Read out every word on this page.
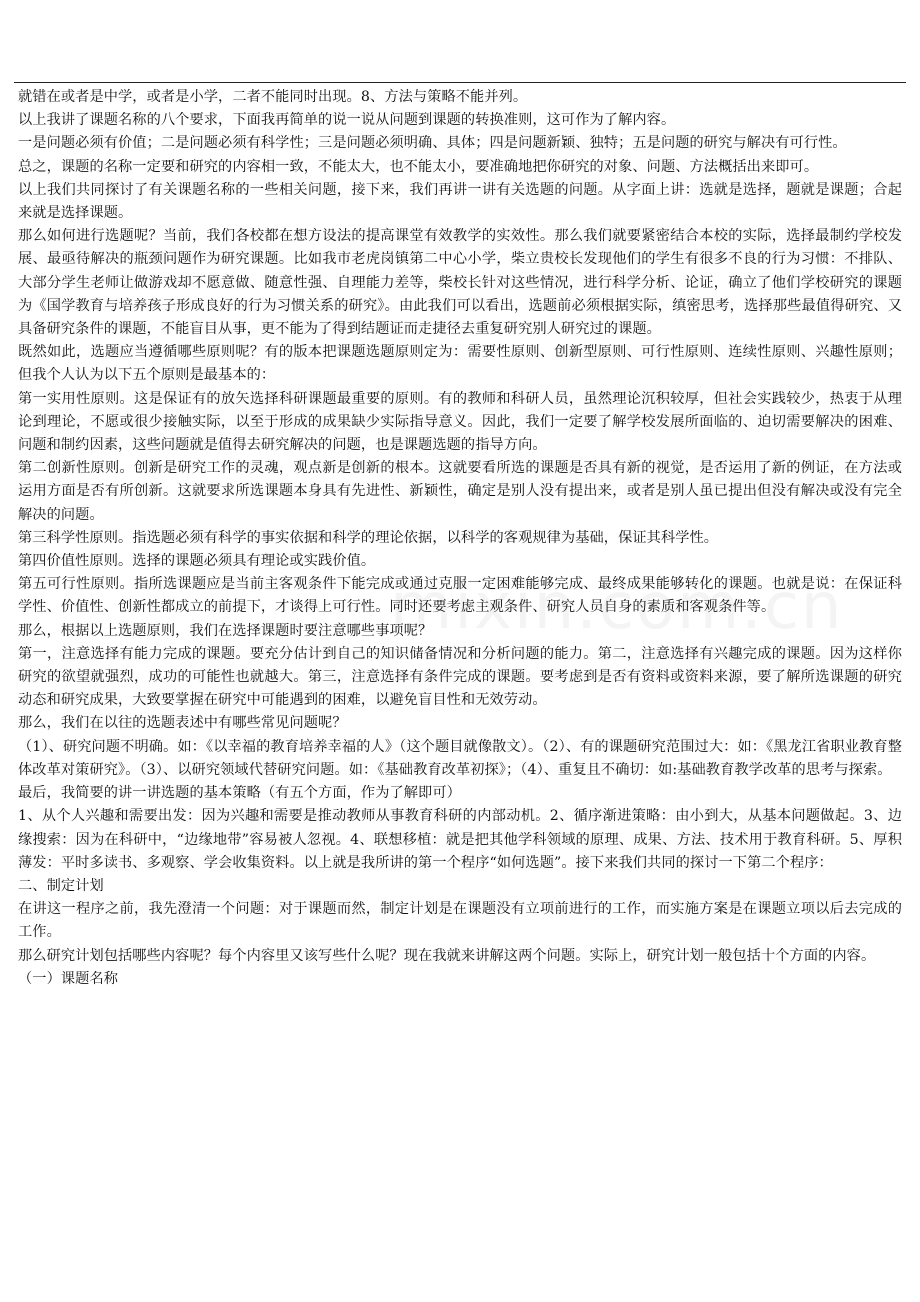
就错在或者是中学，或者是小学，二者不能同时出现。8、方法与策略不能并列。

以上我讲了课题名称的八个要求，下面我再简单的说一说从问题到课题的转换准则，这可作为了解内容。

一是问题必须有价值；二是问题必须有科学性；三是问题必须明确、具体；四是问题新颖、独特；五是问题的研究与解决有可行性。

总之，课题的名称一定要和研究的内容相一致，不能太大，也不能太小，要准确地把你研究的对象、问题、方法概括出来即可。

以上我们共同探讨了有关课题名称的一些相关问题，接下来，我们再讲一讲有关选题的问题。从字面上讲：选就是选择，题就是课题；合起来就是选择课题。

那么如何进行选题呢？当前，我们各校都在想方设法的提高课堂有效教学的实效性。那么我们就要紧密结合本校的实际，选择最制约学校发展、最亟待解决的瓶颈问题作为研究课题。比如我市老虎岗镇第二中心小学，柴立贵校长发现他们的学生有很多不良的行为习惯：不排队、大部分学生老师让做游戏却不愿意做、随意性强、自理能力差等，柴校长针对这些情况，进行科学分析、论证，确立了他们学校研究的课题为《国学教育与培养孩子形成良好的行为习惯关系的研究》。由此我们可以看出，选题前必须根据实际，缜密思考，选择那些最值得研究、又具备研究条件的课题，不能盲目从事，更不能为了得到结题证而走捷径去重复研究别人研究过的课题。

既然如此，选题应当遵循哪些原则呢？有的版本把课题选题原则定为：需要性原则、创新型原则、可行性原则、连续性原则、兴趣性原则；但我个人认为以下五个原则是最基本的：

第一实用性原则。这是保证有的放矢选择科研课题最重要的原则。有的教师和科研人员，虽然理论沉积较厚，但社会实践较少，热衷于从理论到理论，不愿或很少接触实际，以至于形成的成果缺少实际指导意义。因此，我们一定要了解学校发展所面临的、迫切需要解决的困难、问题和制约因素，这些问题就是值得去研究解决的问题，也是课题选题的指导方向。

第二创新性原则。创新是研究工作的灵魂，观点新是创新的根本。这就要看所选的课题是否具有新的视觉，是否运用了新的例证，在方法或运用方面是否有所创新。这就要求所选课题本身具有先进性、新颖性，确定是别人没有提出来，或者是别人虽已提出但没有解决或没有完全解决的问题。

第三科学性原则。指选题必须有科学的事实依据和科学的理论依据，以科学的客观规律为基础，保证其科学性。

第四价值性原则。选择的课题必须具有理论或实践价值。

第五可行性原则。指所选课题应是当前主客观条件下能完成或通过克服一定困难能够完成、最终成果能够转化的课题。也就是说：在保证科学性、价值性、创新性都成立的前提下，才谈得上可行性。同时还要考虑主观条件、研究人员自身的素质和客观条件等。

那么，根据以上选题原则，我们在选择课题时要注意哪些事项呢？

第一，注意选择有能力完成的课题。要充分估计到自己的知识储备情况和分析问题的能力。第二，注意选择有兴趣完成的课题。因为这样你研究的欲望就强烈，成功的可能性也就越大。第三，注意选择有条件完成的课题。要考虑到是否有资料或资料来源，要了解所选课题的研究动态和研究成果，大致要掌握在研究中可能遇到的困难，以避免盲目性和无效劳动。

那么，我们在以往的选题表述中有哪些常见问题呢？

（1）、研究问题不明确。如：《以幸福的教育培养幸福的人》（这个题目就像散文）。（2）、有的课题研究范围过大：如：《黑龙江省职业教育整体改革对策研究》。（3）、以研究领域代替研究问题。如：《基础教育改革初探》；（4）、重复且不确切：如:基础教育教学改革的思考与探索。

最后，我简要的讲一讲选题的基本策略（有五个方面，作为了解即可）

1、从个人兴趣和需要出发：因为兴趣和需要是推动教师从事教育科研的内部动机。2、循序渐进策略：由小到大，从基本问题做起。3、边缘搜索：因为在科研中，“边缘地带”容易被人忽视。4、联想移植：就是把其他学科领域的原理、成果、方法、技术用于教育科研。5、厚积薄发：平时多读书、多观察、学会收集资料。以上就是我所讲的第一个程序“如何选题”。接下来我们共同的探讨一下第二个程序：

二、制定计划

在讲这一程序之前，我先澄清一个问题：对于课题而然，制定计划是在课题没有立项前进行的工作，而实施方案是在课题立项以后去完成的工作。

那么研究计划包括哪些内容呢？每个内容里又该写些什么呢？现在我就来讲解这两个问题。实际上，研究计划一般包括十个方面的内容。

（一）课题名称
